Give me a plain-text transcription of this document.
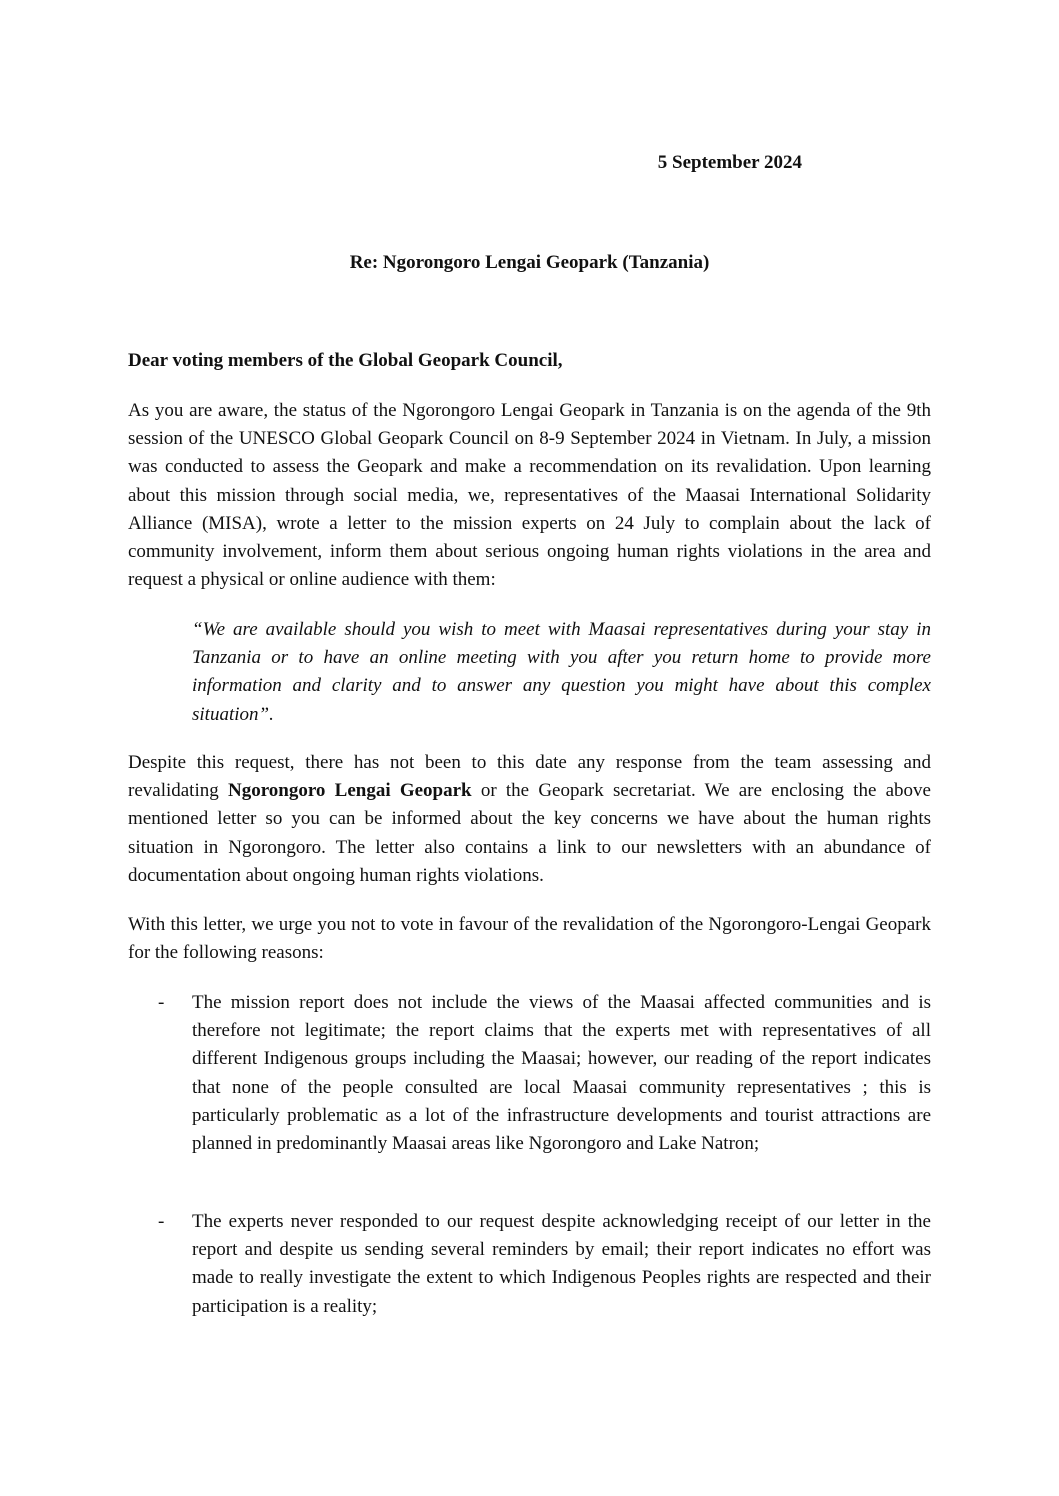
5 September 2024
Re: Ngorongoro Lengai Geopark (Tanzania)
Dear voting members of the Global Geopark Council,
As you are aware, the status of the Ngorongoro Lengai Geopark in Tanzania is on the agenda of the 9th session of the UNESCO Global Geopark Council on 8-9 September 2024 in Vietnam. In July, a mission was conducted to assess the Geopark and make a recommendation on its revalidation. Upon learning about this mission through social media, we, representatives of the Maasai International Solidarity Alliance (MISA), wrote a letter to the mission experts on 24 July to complain about the lack of community involvement, inform them about serious ongoing human rights violations in the area and request a physical or online audience with them:
“We are available should you wish to meet with Maasai representatives during your stay in Tanzania or to have an online meeting with you after you return home to provide more information and clarity and to answer any question you might have about this complex situation”.
Despite this request, there has not been to this date any response from the team assessing and revalidating Ngorongoro Lengai Geopark or the Geopark secretariat. We are enclosing the above mentioned letter so you can be informed about the key concerns we have about the human rights situation in Ngorongoro. The letter also contains a link to our newsletters with an abundance of documentation about ongoing human rights violations.
With this letter, we urge you not to vote in favour of the revalidation of the Ngorongoro-Lengai Geopark for the following reasons:
- The mission report does not include the views of the Maasai affected communities and is therefore not legitimate; the report claims that the experts met with representatives of all different Indigenous groups including the Maasai; however, our reading of the report indicates that none of the people consulted are local Maasai community representatives ; this is particularly problematic as a lot of the infrastructure developments and tourist attractions are planned in predominantly Maasai areas like Ngorongoro and Lake Natron;
- The experts never responded to our request despite acknowledging receipt of our letter in the report and despite us sending several reminders by email; their report indicates no effort was made to really investigate the extent to which Indigenous Peoples rights are respected and their participation is a reality;
